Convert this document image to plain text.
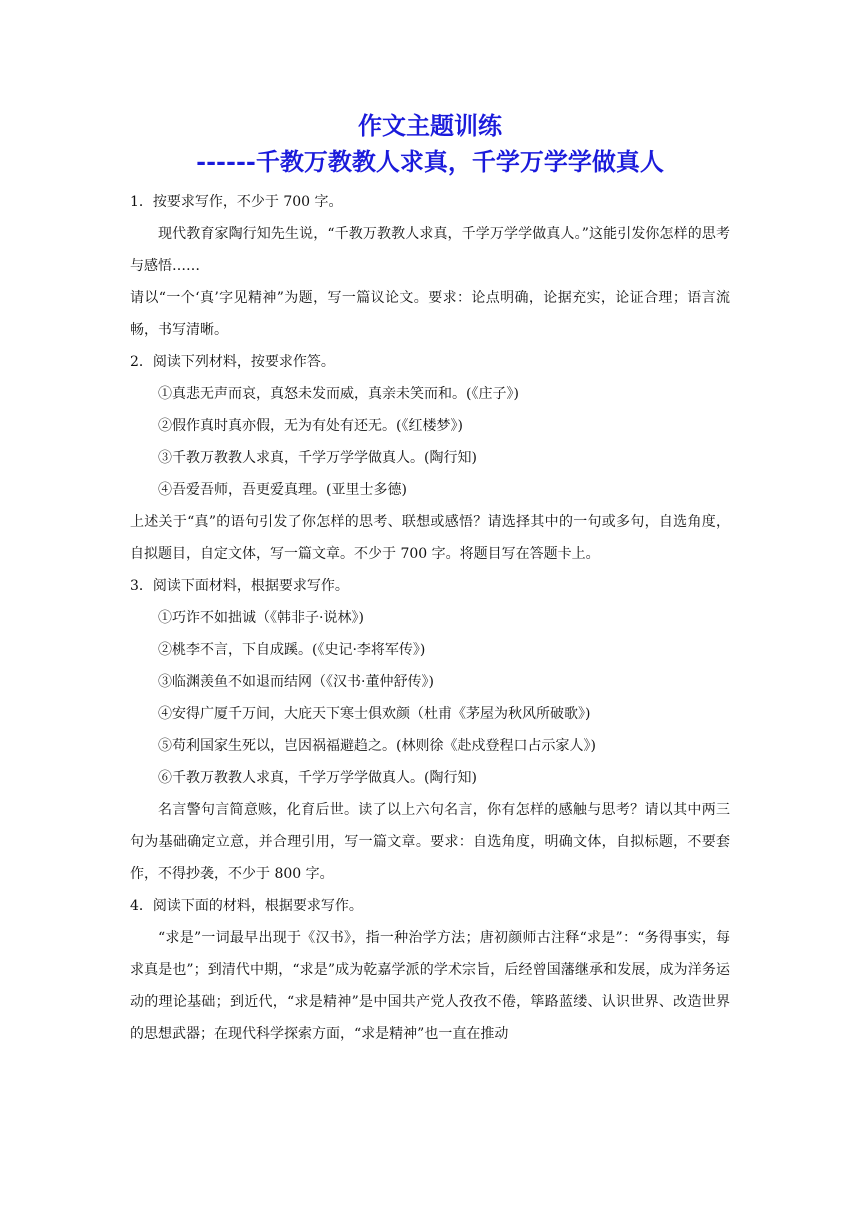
作文主题训练
------千教万教教人求真，千学万学学做真人

1．按要求写作，不少于 700 字。

现代教育家陶行知先生说，“千教万教教人求真，千学万学学做真人。”这能引发你怎样的思考与感悟……

请以“一个‘真’字见精神”为题，写一篇议论文。要求：论点明确，论据充实，论证合理；语言流畅，书写清晰。

2．阅读下列材料，按要求作答。

①真悲无声而哀，真怒未发而威，真亲未笑而和。(《庄子》)

②假作真时真亦假，无为有处有还无。(《红楼梦》)

③千教万教教人求真，千学万学学做真人。(陶行知)

④吾爱吾师，吾更爱真理。(亚里士多德)

上述关于“真”的语句引发了你怎样的思考、联想或感悟？请选择其中的一句或多句，自选角度，自拟题目，自定文体，写一篇文章。不少于 700 字。将题目写在答题卡上。

3．阅读下面材料，根据要求写作。

①巧诈不如拙诚（《韩非子·说林》)

②桃李不言，下自成蹊。(《史记·李将军传》)

③临渊羡鱼不如退而结网（《汉书·董仲舒传》)

④安得广厦千万间，大庇天下寒士俱欢颜（杜甫《茅屋为秋风所破歌》)

⑤苟利国家生死以，岂因祸福避趋之。(林则徐《赴戍登程口占示家人》)

⑥千教万教教人求真，千学万学学做真人。(陶行知)

名言警句言简意赅，化育后世。读了以上六句名言，你有怎样的感触与思考？请以其中两三句为基础确定立意，并合理引用，写一篇文章。要求：自选角度，明确文体，自拟标题，不要套作，不得抄袭，不少于 800 字。

4．阅读下面的材料，根据要求写作。

“求是”一词最早出现于《汉书》，指一种治学方法；唐初颜师古注释“求是”：“务得事实，每求真是也”；到清代中期，“求是”成为乾嘉学派的学术宗旨，后经曾国藩继承和发展，成为洋务运动的理论基础；到近代，“求是精神”是中国共产党人孜孜不倦，筚路蓝缕、认识世界、改造世界的思想武器；在现代科学探索方面，“求是精神”也一直在推动
